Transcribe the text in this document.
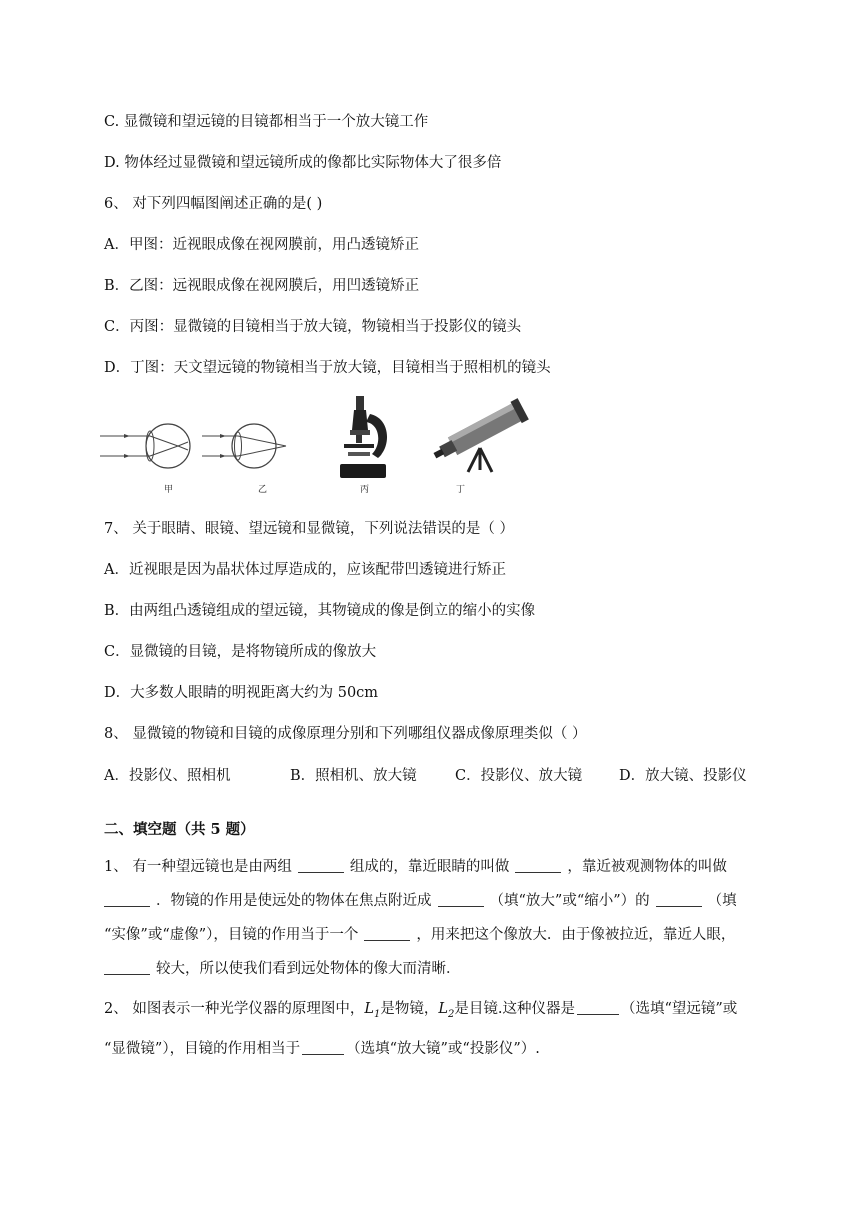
C. 显微镜和望远镜的目镜都相当于一个放大镜工作
D. 物体经过显微镜和望远镜所成的像都比实际物体大了很多倍
6、 对下列四幅图阐述正确的是( )
A．甲图：近视眼成像在视网膜前，用凸透镜矫正
B．乙图：远视眼成像在视网膜后，用凹透镜矫正
C．丙图：显微镜的目镜相当于放大镜，物镜相当于投影仪的镜头
D．丁图：天文望远镜的物镜相当于放大镜，目镜相当于照相机的镜头
甲	乙	丙	丁
7、 关于眼睛、眼镜、望远镜和显微镜，下列说法错误的是（ ）
A．近视眼是因为晶状体过厚造成的，应该配带凹透镜进行矫正
B．由两组凸透镜组成的望远镜，其物镜成的像是倒立的缩小的实像
C．显微镜的目镜，是将物镜所成的像放大
D．大多数人眼睛的明视距离大约为 50cm
8、 显微镜的物镜和目镜的成像原理分别和下列哪组仪器成像原理类似（ ）
A．投影仪、照相机	B．照相机、放大镜	C．投影仪、放大镜	D．放大镜、投影仪
二、填空题（共 5 题）
1、 有一种望远镜也是由两组	组成的，靠近眼睛的叫做	，靠近被观测物体的叫做
．物镜的作用是使远处的物体在焦点附近成	（填“放大”或“缩小”）的	（填
“实像”或“虚像”），目镜的作用当于一个	，用来把这个像放大．由于像被拉近，靠近人眼，
较大，所以使我们看到远处物体的像大而清晰．
2、 如图表示一种光学仪器的原理图中，$L_1$是物镜，$L_2$是目镜.这种仪器是	（选填“望远镜”或
“显微镜”），目镜的作用相当于	（选填“放大镜”或“投影仪”）.
